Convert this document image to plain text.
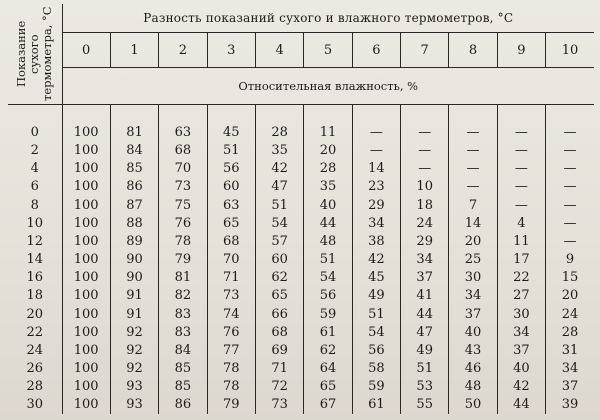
Показание сухого термометра, °C	Разность показаний сухого и влажного термометров, °C										
	0	1	2	3	4	5	6	7	8	9	10
	Относительная влажность, %										

0	100	81	63	45	28	11	—	—	—	—	—
2	100	84	68	51	35	20	—	—	—	—	—
4	100	85	70	56	42	28	14	—	—	—	—
6	100	86	73	60	47	35	23	10	—	—	—
8	100	87	75	63	51	40	29	18	7	—	—
10	100	88	76	65	54	44	34	24	14	4	—
12	100	89	78	68	57	48	38	29	20	11	—
14	100	90	79	70	60	51	42	34	25	17	9
16	100	90	81	71	62	54	45	37	30	22	15
18	100	91	82	73	65	56	49	41	34	27	20
20	100	91	83	74	66	59	51	44	37	30	24
22	100	92	83	76	68	61	54	47	40	34	28
24	100	92	84	77	69	62	56	49	43	37	31
26	100	92	85	78	71	64	58	51	46	40	34
28	100	93	85	78	72	65	59	53	48	42	37
30	100	93	86	79	73	67	61	55	50	44	39
